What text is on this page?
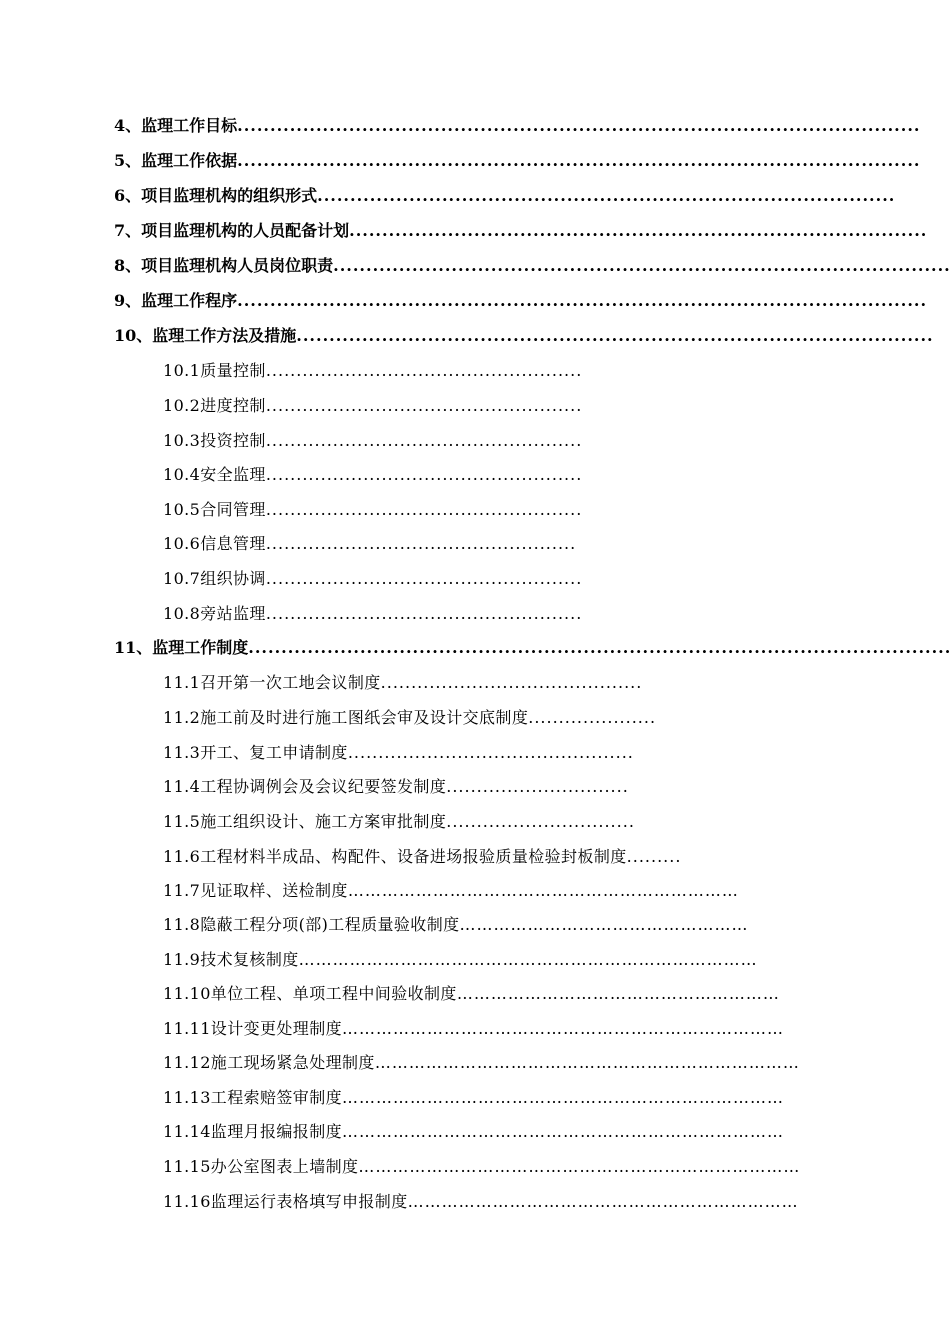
4、监理工作目标........................................................................................................
5、监理工作依据........................................................................................................
6、项目监理机构的组织形式........................................................................................
7、项目监理机构的人员配备计划........................................................................................
8、项目监理机构人员岗位职责..............................................................................................
9、监理工作程序.........................................................................................................
10、监理工作方法及措施.................................................................................................
10.1质量控制....................................................
10.2进度控制....................................................
10.3投资控制....................................................
10.4安全监理....................................................
10.5合同管理....................................................
10.6信息管理...................................................
10.7组织协调....................................................
10.8旁站监理....................................................
11、监理工作制度...........................................................................................................
11.1召开第一次工地会议制度...........................................
11.2施工前及时进行施工图纸会审及设计交底制度.....................
11.3开工、复工申请制度...............................................
11.4工程协调例会及会议纪要签发制度..............................
11.5施工组织设计、施工方案审批制度...............................
11.6工程材料半成品、构配件、设备进场报验质量检验封板制度.........
11.7见证取样、送检制度……………………………………………………………
11.8隐蔽工程分项(部)工程质量验收制度……………………………………………
11.9技术复核制度………………………………………………………………………
11.10单位工程、单项工程中间验收制度…………………………………………………
11.11设计变更处理制度……………………………………………………………………
11.12施工现场紧急处理制度…………………………………………………………………
11.13工程索赔签审制度……………………………………………………………………
11.14监理月报编报制度……………………………………………………………………
11.15办公室图表上墙制度……………………………………………………………………
11.16监理运行表格填写申报制度……………………………………………………………
